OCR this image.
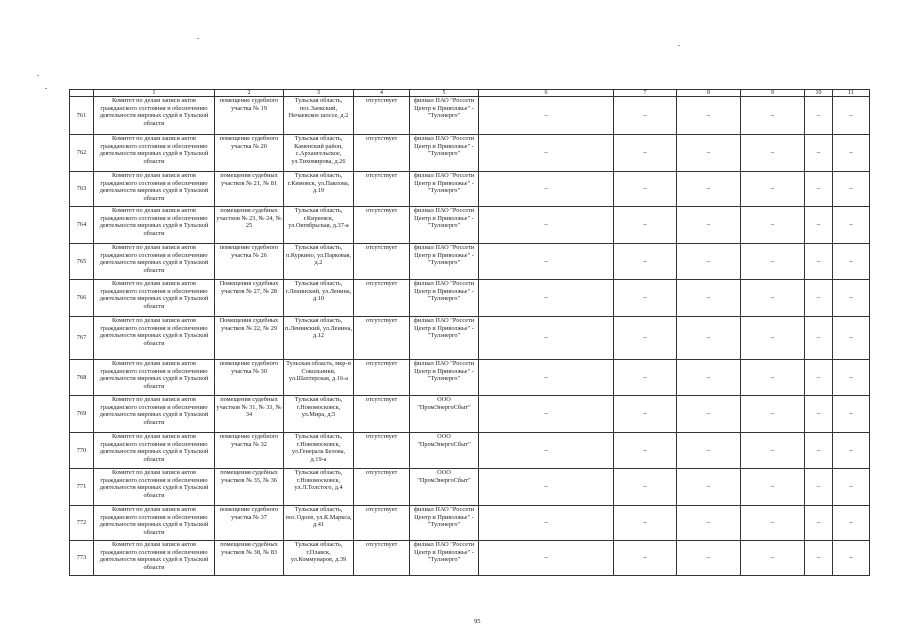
	1	2	3	4	5	6	7	8	9	10	11
761	Комитет по делам записи актов гражданского состояния и обеспечению деятельности мировых судей в Тульской области	помещение судебного участка № 19	Тульская область, пос.Заокский, Нечаевское шоссе, д.2	отсутствует	филиал ПАО "Россети Центр и Приволжье" - "Тулэнерго"	–	–	–	–	–	–
762	Комитет по делам записи актов гражданского состояния и обеспечению деятельности мировых судей в Тульской области	помещение судебного участка № 20	Тульская область, Каменский район, с.Архангельское, ул.Тихомирова, д.26	отсутствует	филиал ПАО "Россети Центр и Приволжье" - "Тулэнерго"	–	–	–	–	–	–
763	Комитет по делам записи актов гражданского состояния и обеспечению деятельности мировых судей в Тульской области	помещения судебных участков № 21, № 81	Тульская область, г.Кимовск, ул.Павлова, д.19	отсутствует	филиал ПАО "Россети Центр и Приволжье" - "Тулэнерго"	–	–	–	–	–	–
764	Комитет по делам записи актов гражданского состояния и обеспечению деятельности мировых судей в Тульской области	помещения судебных участков № 23, № 24, № 25	Тульская область, г.Киреевск, ул.Октябрьская, д.37-а	отсутствует	филиал ПАО "Россети Центр и Приволжье" - "Тулэнерго"	–	–	–	–	–	–
765	Комитет по делам записи актов гражданского состояния и обеспечению деятельности мировых судей в Тульской области	помещение судебного участка № 26	Тульская область, п.Куркино, ул.Парковая, д.2	отсутствует	филиал ПАО "Россети Центр и Приволжье" - "Тулэнерго"	–	–	–	–	–	–
766	Комитет по делам записи актов гражданского состояния и обеспечению деятельности мировых судей в Тульской области	Помещения судебных участков № 27, № 28	Тульская область, г.Ленинский, ул.Ленина, д.10	отсутствует	филиал ПАО "Россети Центр и Приволжье" - "Тулэнерго"	–	–	–	–	–	–
767	Комитет по делам записи актов гражданского состояния и обеспечению деятельности мировых судей в Тульской области	Помещения судебных участков № 22, № 29	Тульская область, п.Ленинский, ул.Ленина, д.12	отсутствует	филиал ПАО "Россети Центр и Приволжье" - "Тулэнерго"	–	–	–	–	–	–
768	Комитет по делам записи актов гражданского состояния и обеспечению деятельности мировых судей в Тульской области	помещение судебного участка № 30	Тульская область, мкр-н Сокольники, ул.Шахтерская, д.16-а	отсутствует	филиал ПАО "Россети Центр и Приволжье" - "Тулэнерго"	–	–	–	–	–	–
769	Комитет по делам записи актов гражданского состояния и обеспечению деятельности мировых судей в Тульской области	помещения судебных участков № 31, № 33, № 34	Тульская область, г.Новомосковск, ул.Мира, д.5	отсутствует	ООО "ПромЭнергоСбыт"	–	–	–	–	–	–
770	Комитет по делам записи актов гражданского состояния и обеспечению деятельности мировых судей в Тульской области	помещение судебного участка № 32	Тульская область, г.Новомосковск, ул.Генерала Белова, д.19-а	отсутствует	ООО "ПромЭнергоСбыт"	–	–	–	–	–	–
771	Комитет по делам записи актов гражданского состояния и обеспечению деятельности мировых судей в Тульской области	помещения судебных участков № 35, № 36	Тульская область, г.Новомосковск, ул.Л.Толстого, д.4	отсутствует	ООО "ПромЭнергоСбыт"	–	–	–	–	–	–
772	Комитет по делам записи актов гражданского состояния и обеспечению деятельности мировых судей в Тульской области	помещение судебного участка № 37	Тульская область, пос.Одоев, ул.К.Маркса, д.41	отсутствует	филиал ПАО "Россети Центр и Приволжье" - "Тулэнерго"	–	–	–	–	–	–
773	Комитет по делам записи актов гражданского состояния и обеспечению деятельности мировых судей в Тульской области	помещения судебных участков № 38, № 83	Тульская область, г.Плавск, ул.Коммунаров, д.39	отсутствует	филиал ПАО "Россети Центр и Приволжье" - "Тулэнерго"	–	–	–	–	–	–
95
